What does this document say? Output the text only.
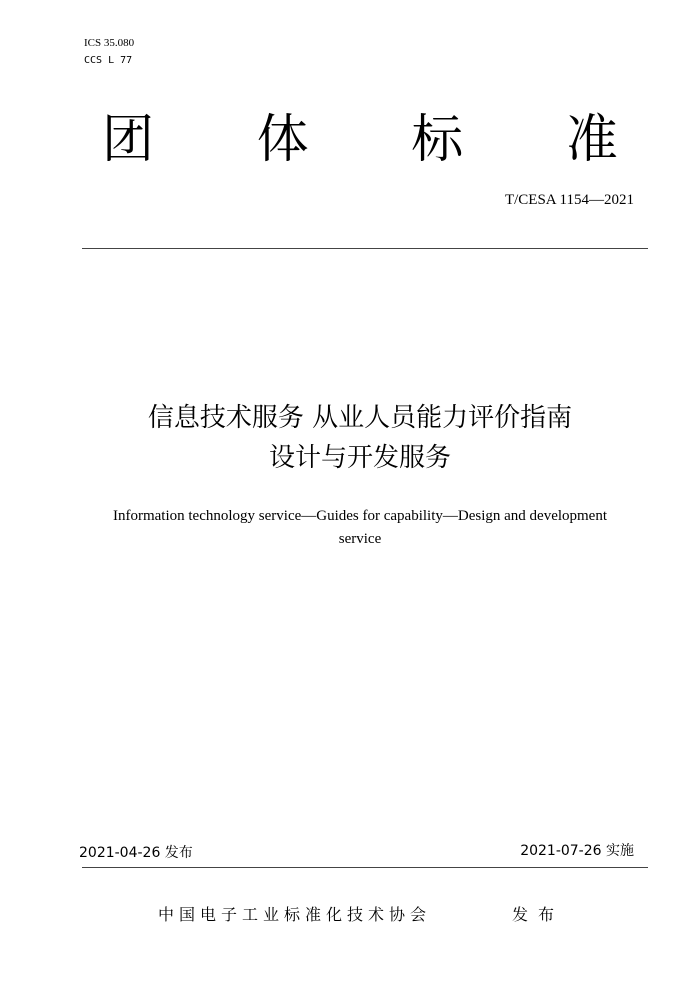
ICS 35.080
CCS L 77
团	体	标	准
T/CESA 1154—2021
信息技术服务 从业人员能力评价指南
设计与开发服务
Information technology service—Guides for capability—Design and development
service
2021-04-26 发布	2021-07-26 实施
中国电子工业标准化技术协会	发布
